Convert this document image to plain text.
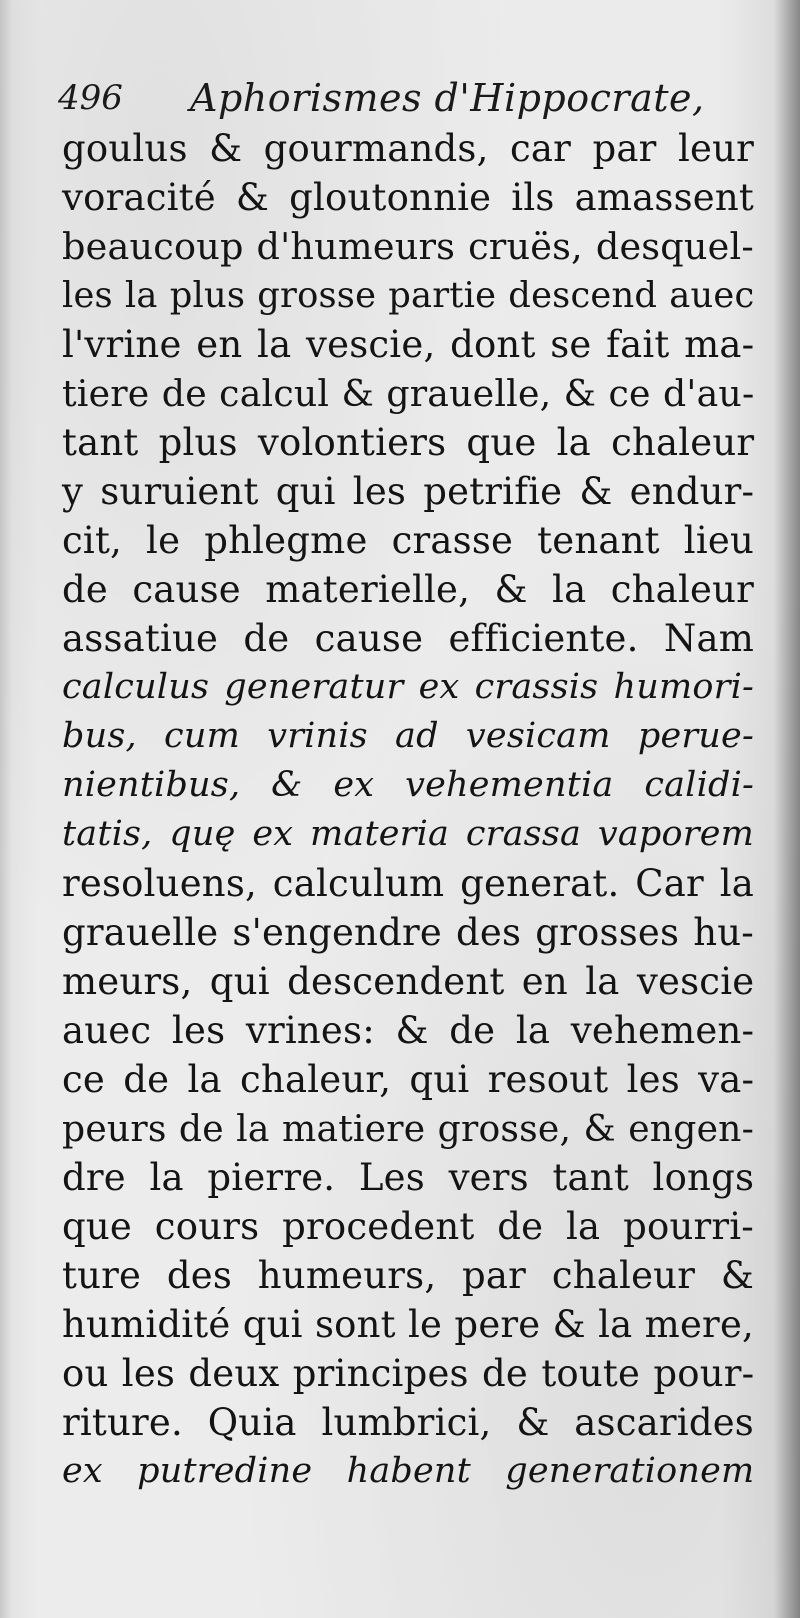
496 Aphorismes d'Hippocrate,
goulus & gourmands, car par leur
voracité & gloutonnie ils amassent
beaucoup d'humeurs cruës, desquel-
les la plus grosse partie descend auec
l'vrine en la vescie, dont se fait ma-
tiere de calcul & grauelle, & ce d'au-
tant plus volontiers que la chaleur
y suruient qui les petrifie & endur-
cit, le phlegme crasse tenant lieu
de cause materielle, & la chaleur
assatiue de cause efficiente. Nam
calculus generatur ex crassis humori-
bus, cum vrinis ad vesicam perue-
nientibus, & ex vehementia calidi-
tatis, quę ex materia crassa vaporem
resoluens, calculum generat. Car la
grauelle s'engendre des grosses hu-
meurs, qui descendent en la vescie
auec les vrines: & de la vehemen-
ce de la chaleur, qui resout les va-
peurs de la matiere grosse, & engen-
dre la pierre. Les vers tant longs
que cours procedent de la pourri-
ture des humeurs, par chaleur &
humidité qui sont le pere & la mere,
ou les deux principes de toute pour-
riture. Quia lumbrici, & ascarides
ex putredine habent generationem
